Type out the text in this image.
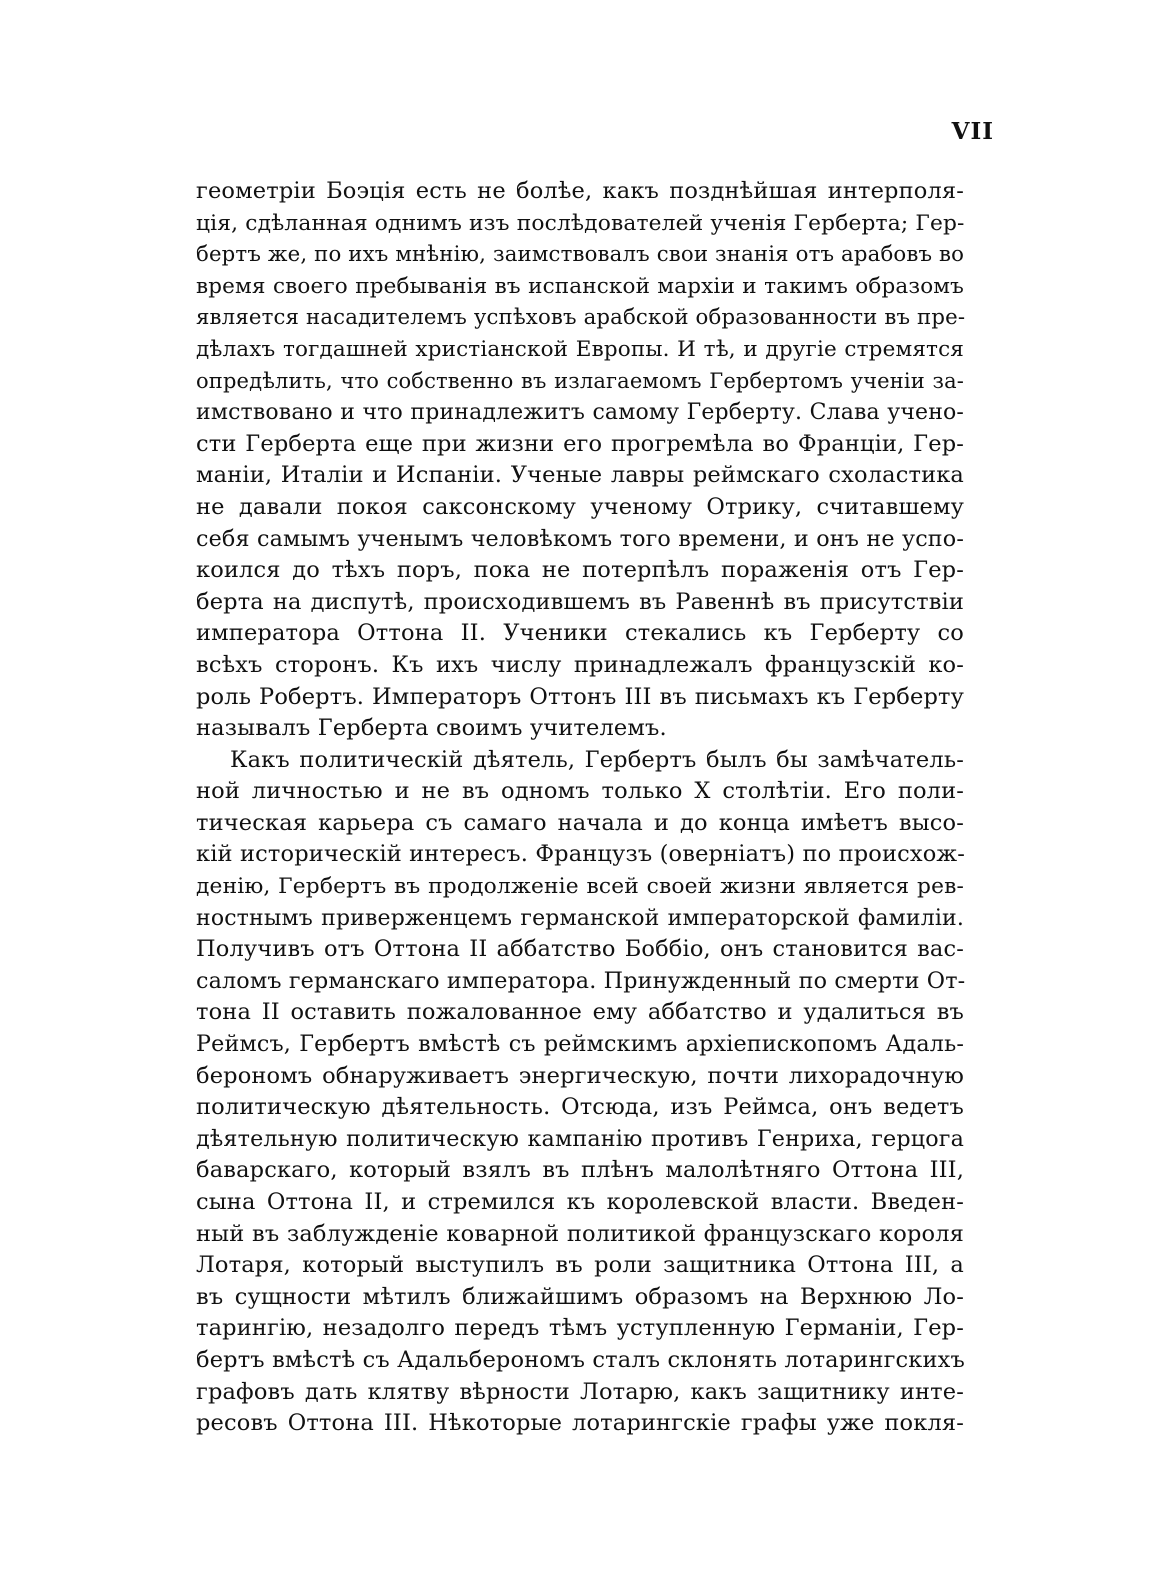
VII
геометріи Боэція есть не болѣе, какъ позднѣйшая интерполя-
ція, сдѣланная однимъ изъ послѣдователей ученія Герберта; Гер-
бертъ же, по ихъ мнѣнію, заимствовалъ свои знанія отъ арабовъ во
время своего пребыванія въ испанской мархіи и такимъ образомъ
является насадителемъ успѣховъ арабской образованности въ пре-
дѣлахъ тогдашней христіанской Европы. И тѣ, и другіе стремятся
опредѣлить, что собственно въ излагаемомъ Гербертомъ ученіи за-
имствовано и что принадлежитъ самому Герберту. Слава учено-
сти Герберта еще при жизни его прогремѣла во Франціи, Гер-
маніи, Италіи и Испаніи. Ученые лавры реймскаго схоластика
не давали покоя саксонскому ученому Отрику, считавшему
себя самымъ ученымъ человѣкомъ того времени, и онъ не успо-
коился до тѣхъ поръ, пока не потерпѣлъ пораженія отъ Гер-
берта на диспутѣ, происходившемъ въ Равеннѣ въ присутствіи
императора Оттона II. Ученики стекались къ Герберту со
всѣхъ сторонъ. Къ ихъ числу принадлежалъ французскій ко-
роль Робертъ. Императоръ Оттонъ III въ письмахъ къ Герберту
называлъ Герберта своимъ учителемъ.
Какъ политическій дѣятель, Гербертъ былъ бы замѣчатель-
ной личностью и не въ одномъ только X столѣтіи. Его поли-
тическая карьера съ самаго начала и до конца имѣетъ высо-
кій историческій интересъ. Французъ (оверніатъ) по происхож-
денію, Гербертъ въ продолженіе всей своей жизни является рев-
ностнымъ приверженцемъ германской императорской фамиліи.
Получивъ отъ Оттона II аббатство Боббіо, онъ становится вас-
саломъ германскаго императора. Принужденный по смерти От-
тона II оставить пожалованное ему аббатство и удалиться въ
Реймсъ, Гербертъ вмѣстѣ съ реймскимъ архіепископомъ Адаль-
берономъ обнаруживаетъ энергическую, почти лихорадочную
политическую дѣятельность. Отсюда, изъ Реймса, онъ ведетъ
дѣятельную политическую кампанію противъ Генриха, герцога
баварскаго, который взялъ въ плѣнъ малолѣтняго Оттона III,
сына Оттона II, и стремился къ королевской власти. Введен-
ный въ заблужденіе коварной политикой французскаго короля
Лотаря, который выступилъ въ роли защитника Оттона III, а
въ сущности мѣтилъ ближайшимъ образомъ на Верхнюю Ло-
тарингію, незадолго передъ тѣмъ уступленную Германіи, Гер-
бертъ вмѣстѣ съ Адальберономъ сталъ склонять лотарингскихъ
графовъ дать клятву вѣрности Лотарю, какъ защитнику инте-
ресовъ Оттона III. Нѣкоторые лотарингскіе графы уже покля-
